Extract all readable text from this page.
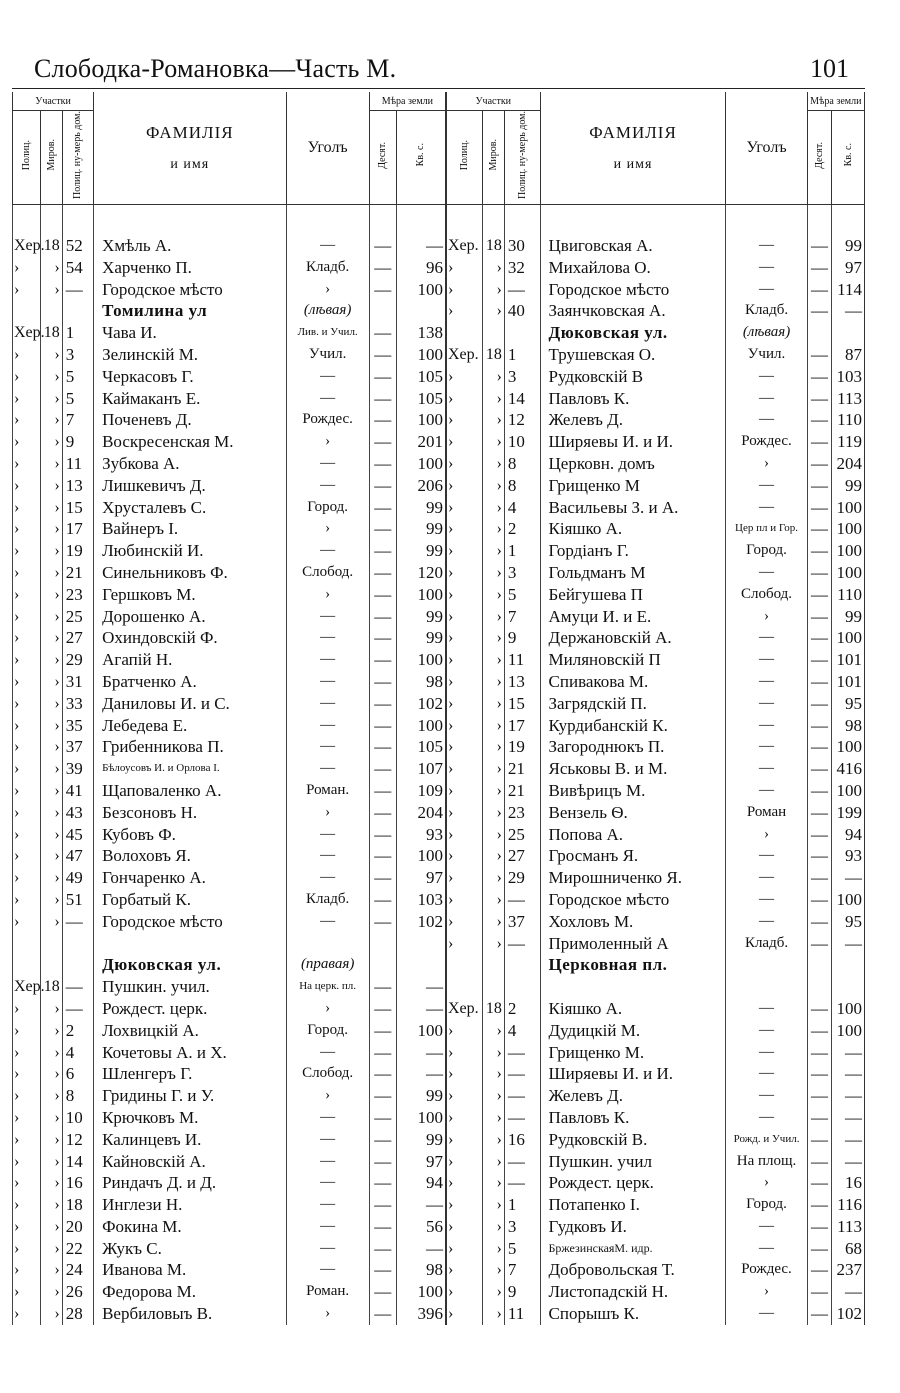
Слободка-Романовка—Часть М.	101
Участки			ФАМИЛІЯ
и имя	Уголъ	Мѣра земли		Участки			ФАМИЛІЯ
и имя	Уголъ	Мѣра земли	
Полиц.	Миров.	Полиц. ну-мерь дом.			Десят.	Кв. с.	Полиц.	Миров.	Полиц. ну-мерь дом.			Десят.	Кв. с.

Хер.	18	52	Хмѣль А.	—	—	—	Хер.	18	30	Цвиговская А.	—	—	99
›	›	54	Харченко П.	Кладб.	—	96	›	›	32	Михайлова О.	—	—	97
›	›	—	Городское мѣсто	›	—	100	›	›	—	Городское мѣсто	—	—	114
			Томилина ул	(лѣвая)			›	›	40	Заянчковская А.	Кладб.	—	—
Хер.	18	1	Чава И.	Лив. и Учил.	—	138				Дюковская ул.	(лѣвая)		
›	›	3	Зелинскій М.	Учил.	—	100	Хер.	18	1	Трушевская О.	Учил.	—	87
›	›	5	Черкасовъ Г.	—	—	105	›	›	3	Рудковскій В	—	—	103
›	›	5	Каймаканъ Е.	—	—	105	›	›	14	Павловъ К.	—	—	113
›	›	7	Поченевъ Д.	Рождес.	—	100	›	›	12	Желевъ Д.	—	—	110
›	›	9	Воскресенская М.	›	—	201	›	›	10	Ширяевы И. и И.	Рождес.	—	119
›	›	11	Зубкова А.	—	—	100	›	›	8	Церковн. домъ	›	—	204
›	›	13	Лишкевичъ Д.	—	—	206	›	›	8	Грищенко М	—	—	99
›	›	15	Хрусталевъ С.	Город.	—	99	›	›	4	Васильевы З. и А.	—	—	100
›	›	17	Вайнеръ І.	›	—	99	›	›	2	Кіяшко А.	Цер пл и Гор.	—	100
›	›	19	Любинскій И.	—	—	99	›	›	1	Гордіанъ Г.	Город.	—	100
›	›	21	Синельниковъ Ф.	Слобод.	—	120	›	›	3	Гольдманъ М	—	—	100
›	›	23	Гершковъ М.	›	—	100	›	›	5	Бейгушева П	Слобод.	—	110
›	›	25	Дорошенко А.	—	—	99	›	›	7	Амуци И. и Е.	›	—	99
›	›	27	Охиндовскій Ф.	—	—	99	›	›	9	Держановскій А.	—	—	100
›	›	29	Агапій Н.	—	—	100	›	›	11	Миляновскій П	—	—	101
›	›	31	Братченко А.	—	—	98	›	›	13	Спивакова М.	—	—	101
›	›	33	Даниловы И. и С.	—	—	102	›	›	15	Загрядскій П.	—	—	95
›	›	35	Лебедева Е.	—	—	100	›	›	17	Курдибанскій К.	—	—	98
›	›	37	Грибенникова П.	—	—	105	›	›	19	Загороднюкъ П.	—	—	100
›	›	39	Бѣлоусовъ И. и Орлова І.	—	—	107	›	›	21	Яськовы В. и М.	—	—	416
›	›	41	Щаповаленко А.	Роман.	—	109	›	›	21	Вивѣрицъ М.	—	—	100
›	›	43	Безсоновъ Н.	›	—	204	›	›	23	Вензель Ѳ.	Роман	—	199
›	›	45	Кубовъ Ф.	—	—	93	›	›	25	Попова А.	›	—	94
›	›	47	Волоховъ Я.	—	—	100	›	›	27	Гросманъ Я.	—	—	93
›	›	49	Гончаренко А.	—	—	97	›	›	29	Мирошниченко Я.	—	—	—
›	›	51	Горбатый К.	Кладб.	—	103	›	›	—	Городское мѣсто	—	—	100
›	›	—	Городское мѣсто	—	—	102	›	›	37	Хохловъ М.	—	—	95
							›	›	—	Примоленный А	Кладб.	—	—
			Дюковская ул.	(правая)						Церковная пл.			
Хер.	18	—	Пушкин. учил.	На церк. пл.	—	—							
›	›	—	Рождест. церк.	›	—	—	Хер.	18	2	Кіяшко А.	—	—	100
›	›	2	Лохвицкій А.	Город.	—	100	›	›	4	Дудицкій М.	—	—	100
›	›	4	Кочетовы А. и Х.	—	—	—	›	›	—	Грищенко М.	—	—	—
›	›	6	Шленгеръ Г.	Слобод.	—	—	›	›	—	Ширяевы И. и И.	—	—	—
›	›	8	Гридины Г. и У.	›	—	99	›	›	—	Желевъ Д.	—	—	—
›	›	10	Крючковъ М.	—	—	100	›	›	—	Павловъ К.	—	—	—
›	›	12	Калинцевъ И.	—	—	99	›	›	16	Рудковскій В.	Рожд. и Учил.	—	—
›	›	14	Кайновскій А.	—	—	97	›	›	—	Пушкин. учил	На площ.	—	—
›	›	16	Риндачъ Д. и Д.	—	—	94	›	›	—	Рождест. церк.	›	—	16
›	›	18	Инглези Н.	—	—	—	›	›	1	Потапенко І.	Город.	—	116
›	›	20	Фокина М.	—	—	56	›	›	3	Гудковъ И.	—	—	113
›	›	22	Жукъ С.	—	—	—	›	›	5	БржезинскаяМ. идр.	—	—	68
›	›	24	Иванова М.	—	—	98	›	›	7	Добровольская Т.	Рождес.	—	237
›	›	26	Федорова М.	Роман.	—	100	›	›	9	Листопадскій Н.	›	—	—
›	›	28	Вербиловыъ В.	›	—	396	›	›	11	Спорышъ К.	—	—	102
